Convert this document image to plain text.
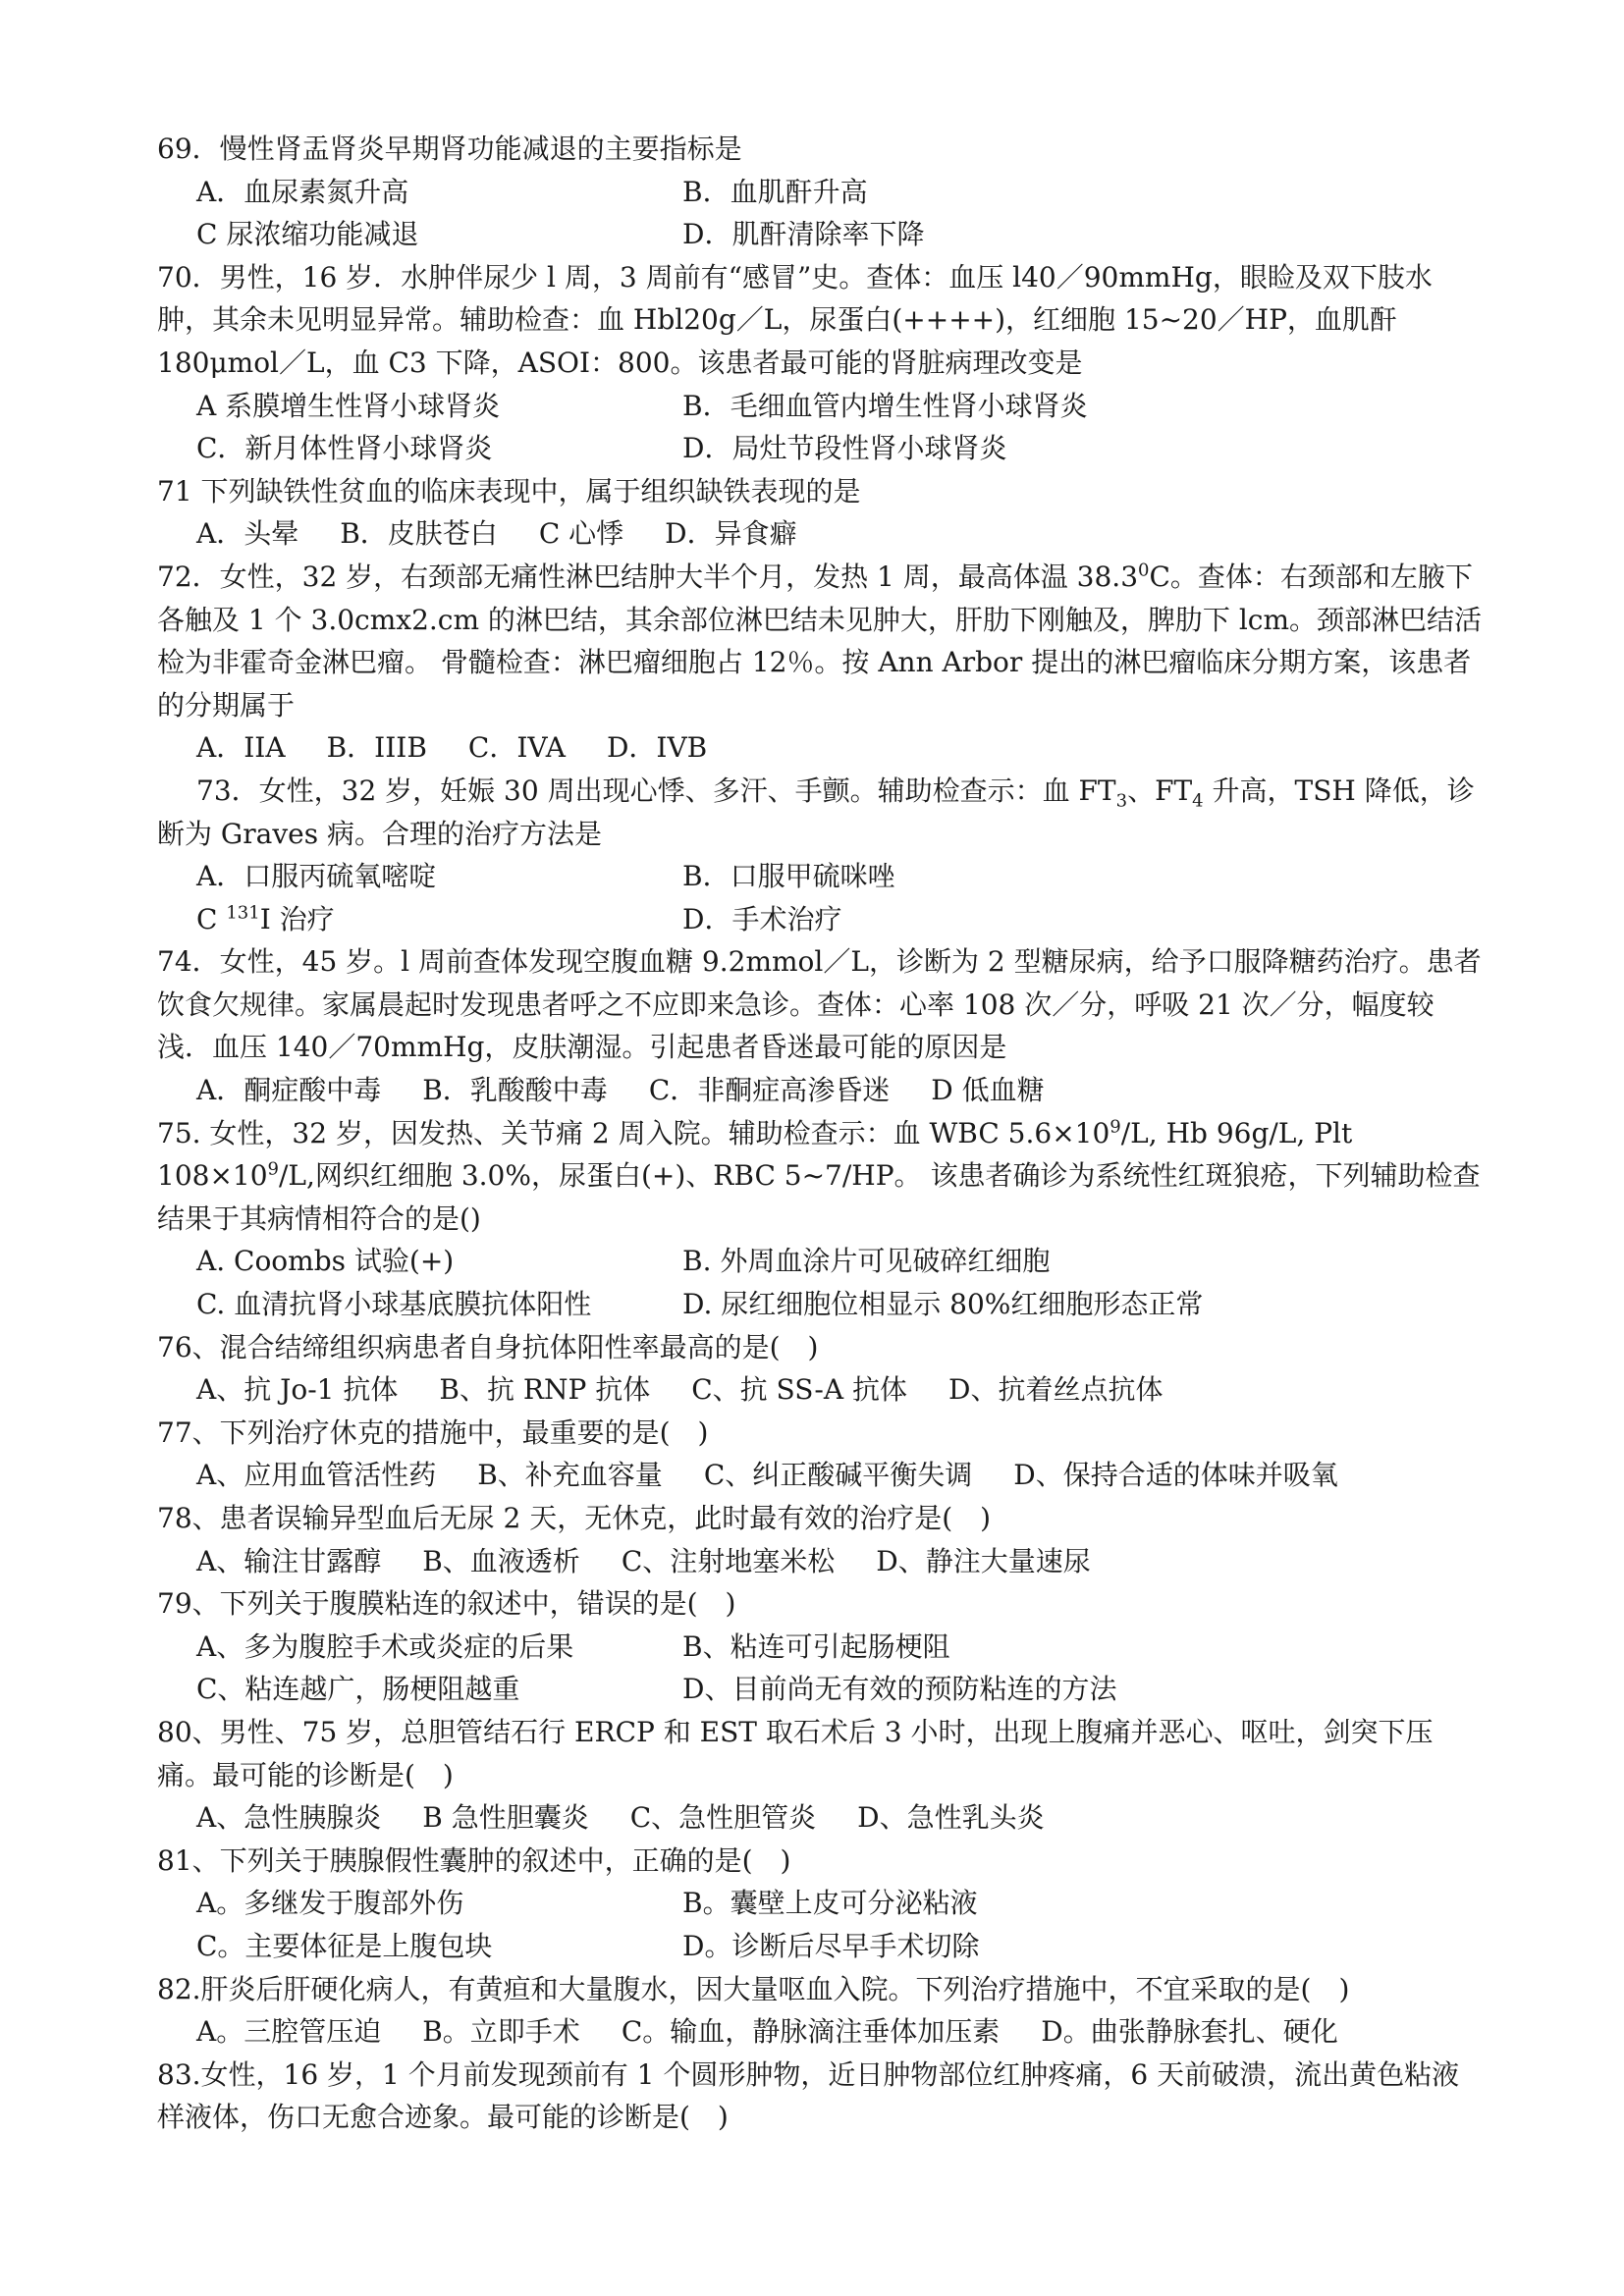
69．慢性肾盂肾炎早期肾功能减退的主要指标是

A．血尿素氮升高	B．血肌酐升高
C 尿浓缩功能减退	D．肌酐清除率下降

70．男性，16 岁．水肿伴尿少 l 周，3 周前有“感冒”史。查体：血压 l40／90mmHg，眼睑及双下肢水肿，其余未见明显异常。辅助检查：血 Hbl20g／L，尿蛋白(++++)，红细胞 15~20／HP，血肌酐 180μmol／L，血 C3 下降，ASOI：800。该患者最可能的肾脏病理改变是

A 系膜增生性肾小球肾炎	B．毛细血管内增生性肾小球肾炎
C．新月体性肾小球肾炎	D．局灶节段性肾小球肾炎

71 下列缺铁性贫血的临床表现中，属于组织缺铁表现的是

A．头晕 B．皮肤苍白 C 心悸 D．异食癖

72．女性，32 岁，右颈部无痛性淋巴结肿大半个月，发热 1 周，最高体温 38.3$^0$C。查体：右颈部和左腋下各触及 1 个 3.0cmx2.cm 的淋巴结，其余部位淋巴结未见肿大，肝肋下刚触及，脾肋下 lcm。颈部淋巴结活检为非霍奇金淋巴瘤。 骨髓检查：淋巴瘤细胞占 12％。按 Ann Arbor 提出的淋巴瘤临床分期方案，该患者的分期属于

A．IIA B．IIIB C．IVA D．IVB

73．女性，32 岁，妊娠 30 周出现心悸、多汗、手颤。辅助检查示：血 $FT_3$、$FT_4$ 升高，TSH 降低，诊断为 Graves 病。合理的治疗方法是

A．口服丙硫氧嘧啶	B．口服甲硫咪唑
C $^{131}$I 治疗	D．手术治疗

74．女性，45 岁。l 周前查体发现空腹血糖 9.2mmol／L，诊断为 2 型糖尿病，给予口服降糖药治疗。患者饮食欠规律。家属晨起时发现患者呼之不应即来急诊。查体：心率 108 次／分，呼吸 21 次／分，幅度较浅．血压 140／70mmHg，皮肤潮湿。引起患者昏迷最可能的原因是

A．酮症酸中毒 B．乳酸酸中毒 C．非酮症高渗昏迷 D 低血糖

75. 女性，32 岁，因发热、关节痛 2 周入院。辅助检查示：血 WBC $5.6\times 10^9/L$, Hb 96g/L, Plt $108\times 10^9/L$,网织红细胞 3.0%，尿蛋白(+)、RBC 5~7/HP。 该患者确诊为系统性红斑狼疮，下列辅助检查结果于其病情相符合的是()

A. Coombs 试验(+)	B. 外周血涂片可见破碎红细胞
C. 血清抗肾小球基底膜抗体阳性	D. 尿红细胞位相显示 80%红细胞形态正常

76、混合结缔组织病患者自身抗体阳性率最高的是(　)

A、抗 Jo-1 抗体 B、抗 RNP 抗体 C、抗 SS-A 抗体 D、抗着丝点抗体

77、下列治疗休克的措施中，最重要的是(　)

A、应用血管活性药 B、补充血容量 C、纠正酸碱平衡失调 D、保持合适的体味并吸氧

78、患者误输异型血后无尿 2 天，无休克，此时最有效的治疗是(　)

A、输注甘露醇 B、血液透析 C、注射地塞米松 D、静注大量速尿

79、下列关于腹膜粘连的叙述中，错误的是(　)

A、多为腹腔手术或炎症的后果	B、粘连可引起肠梗阻
C、粘连越广，肠梗阻越重	D、目前尚无有效的预防粘连的方法

80、男性、75 岁，总胆管结石行 ERCP 和 EST 取石术后 3 小时，出现上腹痛并恶心、呕吐，剑突下压痛。最可能的诊断是(　)

A、急性胰腺炎 B 急性胆囊炎 C、急性胆管炎 D、急性乳头炎

81、下列关于胰腺假性囊肿的叙述中，正确的是(　)

A。多继发于腹部外伤	B。囊壁上皮可分泌粘液
C。主要体征是上腹包块	D。诊断后尽早手术切除

82.肝炎后肝硬化病人，有黄疸和大量腹水，因大量呕血入院。下列治疗措施中，不宜采取的是(　)

A。三腔管压迫 B。立即手术 C。输血，静脉滴注垂体加压素 D。曲张静脉套扎、硬化

83.女性，16 岁，1 个月前发现颈前有 1 个圆形肿物，近日肿物部位红肿疼痛，6 天前破溃，流出黄色粘液样液体，伤口无愈合迹象。最可能的诊断是(　)
